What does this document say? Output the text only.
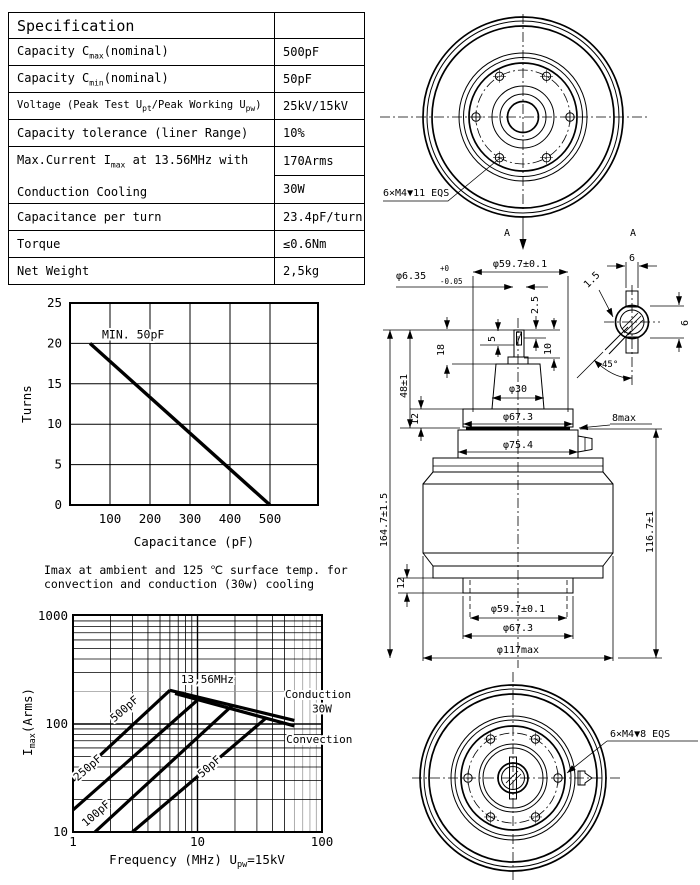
Specification	
Capacity $C_{max}(nominal)$	500pF
Capacity $C_{min}(nominal)$	50pF
Voltage (Peak Test $U_{pt}$/Peak Working $U_{pw}$)	25kV/15kV
Capacity tolerance (liner Range)	10%

Max.Current $I_{max}$ at 13.56MHz with
Conduction Cooling	170Arms
	30W
Capacitance per turn	23.4pF/turn
Torque	≤0.6Nm
Net Weight	2,5kg
100 200 300 400 500
0
5
10
15
20
25
MIN. 50pF
Capacitance (pF)
Turns
Imax at ambient and 125 ℃ surface temp. for
convection and conduction (30w) cooling
500pF
250pF
100pF
50pF
13,56MHz
Conduction
30W
Convection
1000
100
10
1	10	100
Frequency (MHz) $U_{pw}=15kV$
$I_{max}(Arms)$
6×M4▼11 EQS
A	A
φ59.7±0.1
φ6.35
+0
-0.05
2.5
5
10
18
48±1
12
164.7±1.5	116.7±1
8max
φ30
φ67.3
φ75.4
12
φ59.7±0.1
φ67.3
φ117max
1.5
45°
6
6
6×M4▼8 EQS
